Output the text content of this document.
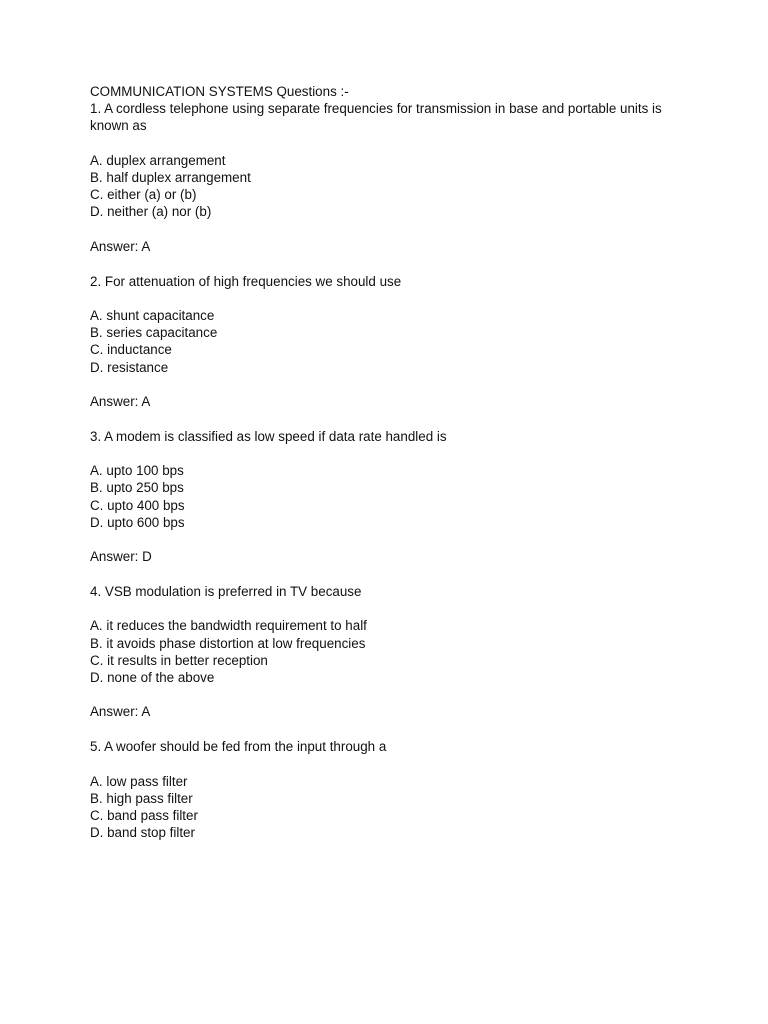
COMMUNICATION SYSTEMS Questions :-
1. A cordless telephone using separate frequencies for transmission in base and portable units is known as
A. duplex arrangement
B. half duplex arrangement
C. either (a) or (b)
D. neither (a) nor (b)
Answer: A
2. For attenuation of high frequencies we should use
A. shunt capacitance
B. series capacitance
C. inductance
D. resistance
Answer: A
3. A modem is classified as low speed if data rate handled is
A. upto 100 bps
B. upto 250 bps
C. upto 400 bps
D. upto 600 bps
Answer: D
4. VSB modulation is preferred in TV because
A. it reduces the bandwidth requirement to half
B. it avoids phase distortion at low frequencies
C. it results in better reception
D. none of the above
Answer: A
5. A woofer should be fed from the input through a
A. low pass filter
B. high pass filter
C. band pass filter
D. band stop filter
